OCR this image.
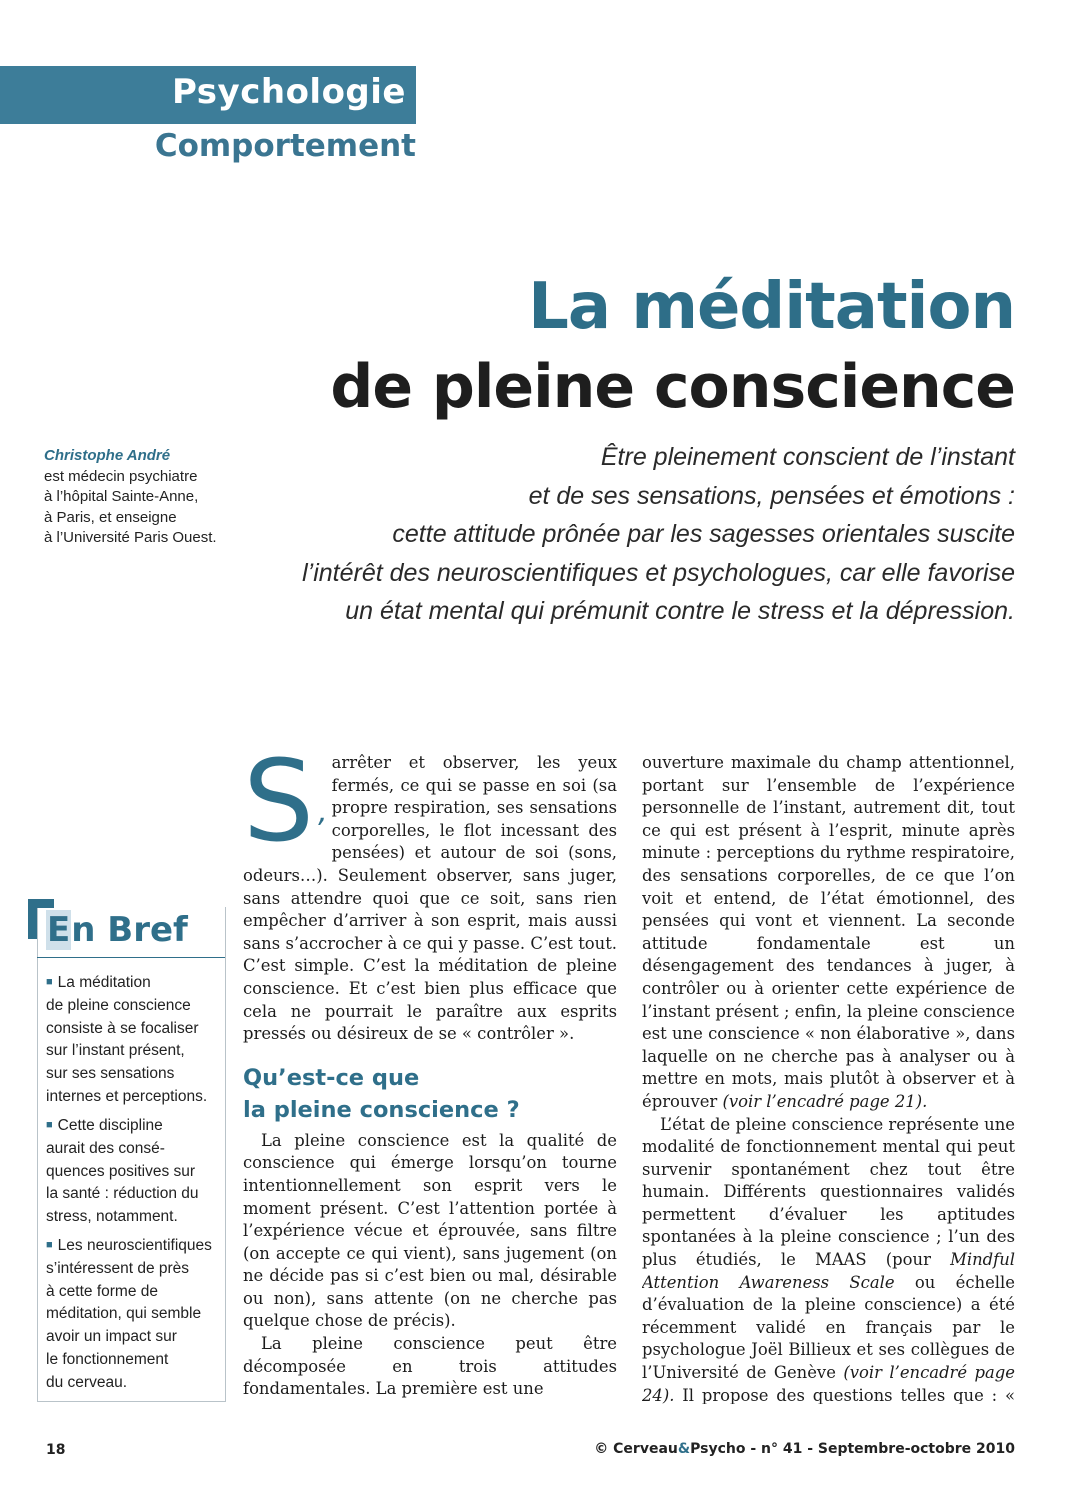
Psychologie
Comportement
La méditation
de pleine conscience
Christophe André
est médecin psychiatre
à l’hôpital Sainte-Anne,
à Paris, et enseigne
à l’Université Paris Ouest.
Être pleinement conscient de l’instant
et de ses sensations, pensées et émotions :
cette attitude prônée par les sagesses orientales suscite
l’intérêt des neuroscientifiques et psychologues, car elle favorise
un état mental qui prémunit contre le stress et la dépression.
En Bref
■ La méditation
de pleine conscience
consiste à se focaliser
sur l’instant présent,
sur ses sensations
internes et perceptions.
■ Cette discipline
aurait des consé-
quences positives sur
la santé : réduction du
stress, notamment.
■ Les neuroscientifiques
s’intéressent de près
à cette forme de
méditation, qui semble
avoir un impact sur
le fonctionnement
du cerveau.

S’
arrêter et observer, les yeux fermés, ce qui se passe en soi (sa propre respiration, ses sensations corporelles, le flot incessant des pensées) et autour de soi (sons, odeurs…). Seulement observer, sans juger, sans attendre quoi que ce soit, sans rien empêcher d’arriver à son esprit, mais aussi sans s’accrocher à ce qui y passe. C’est tout. C’est simple. C’est la méditation de pleine conscience. Et c’est bien plus efficace que cela ne pourrait le paraître aux esprits pressés ou désireux de se « contrôler ».

Qu’est-ce que
la pleine conscience ?

La pleine conscience est la qualité de conscience qui émerge lorsqu’on tourne intentionnellement son esprit vers le moment présent. C’est l’attention portée à l’expérience vécue et éprouvée, sans filtre (on accepte ce qui vient), sans jugement (on ne décide pas si c’est bien ou mal, désirable ou non), sans attente (on ne cherche pas quelque chose de précis).

La pleine conscience peut être décomposée en trois attitudes fondamentales. La première est une

ouverture maximale du champ attentionnel, portant sur l’ensemble de l’expérience personnelle de l’instant, autrement dit, tout ce qui est présent à l’esprit, minute après minute : perceptions du rythme respiratoire, des sensations corporelles, de ce que l’on voit et entend, de l’état émotionnel, des pensées qui vont et viennent. La seconde attitude fondamentale est un désengagement des tendances à juger, à contrôler ou à orienter cette expérience de l’instant présent ; enfin, la pleine conscience est une conscience « non élaborative », dans laquelle on ne cherche pas à analyser ou à mettre en mots, mais plutôt à observer et à éprouver (voir l’encadré page 21).

L’état de pleine conscience représente une modalité de fonctionnement mental qui peut survenir spontanément chez tout être humain. Différents questionnaires validés permettent d’évaluer les aptitudes spontanées à la pleine conscience ; l’un des plus étudiés, le MAAS (pour Mindful Attention Awareness Scale ou échelle d’évaluation de la pleine conscience) a été récemment validé en français par le psychologue Joël Billieux et ses collègues de l’Université de Genève (voir l’encadré page 24). Il propose des questions telles que : «

18	© Cerveau&Psycho - n° 41 - Septembre-octobre 2010
